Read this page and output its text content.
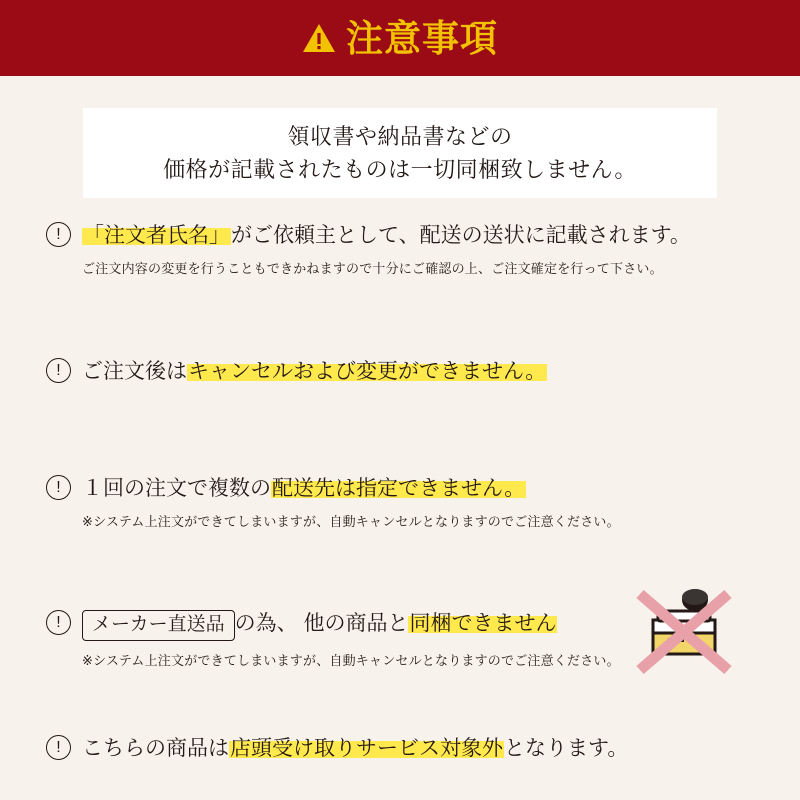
注意事項
領収書や納品書などの
価格が記載されたものは一切同梱致しません。
!	「注文者氏名」がご依頼主として、配送の送状に記載されます。
ご注文内容の変更を行うこともできかねますので十分にご確認の上、ご注文確定を行って下さい。
!	ご注文後はキャンセルおよび変更ができません。
!	１回の注文で複数の配送先は指定できません。
※システム上注文ができてしまいますが、自動キャンセルとなりますのでご注意ください。
!	メーカー直送品 の為、 他の商品と同梱できません
※システム上注文ができてしまいますが、自動キャンセルとなりますのでご注意ください。
!	こちらの商品は店頭受け取りサービス対象外となります。
